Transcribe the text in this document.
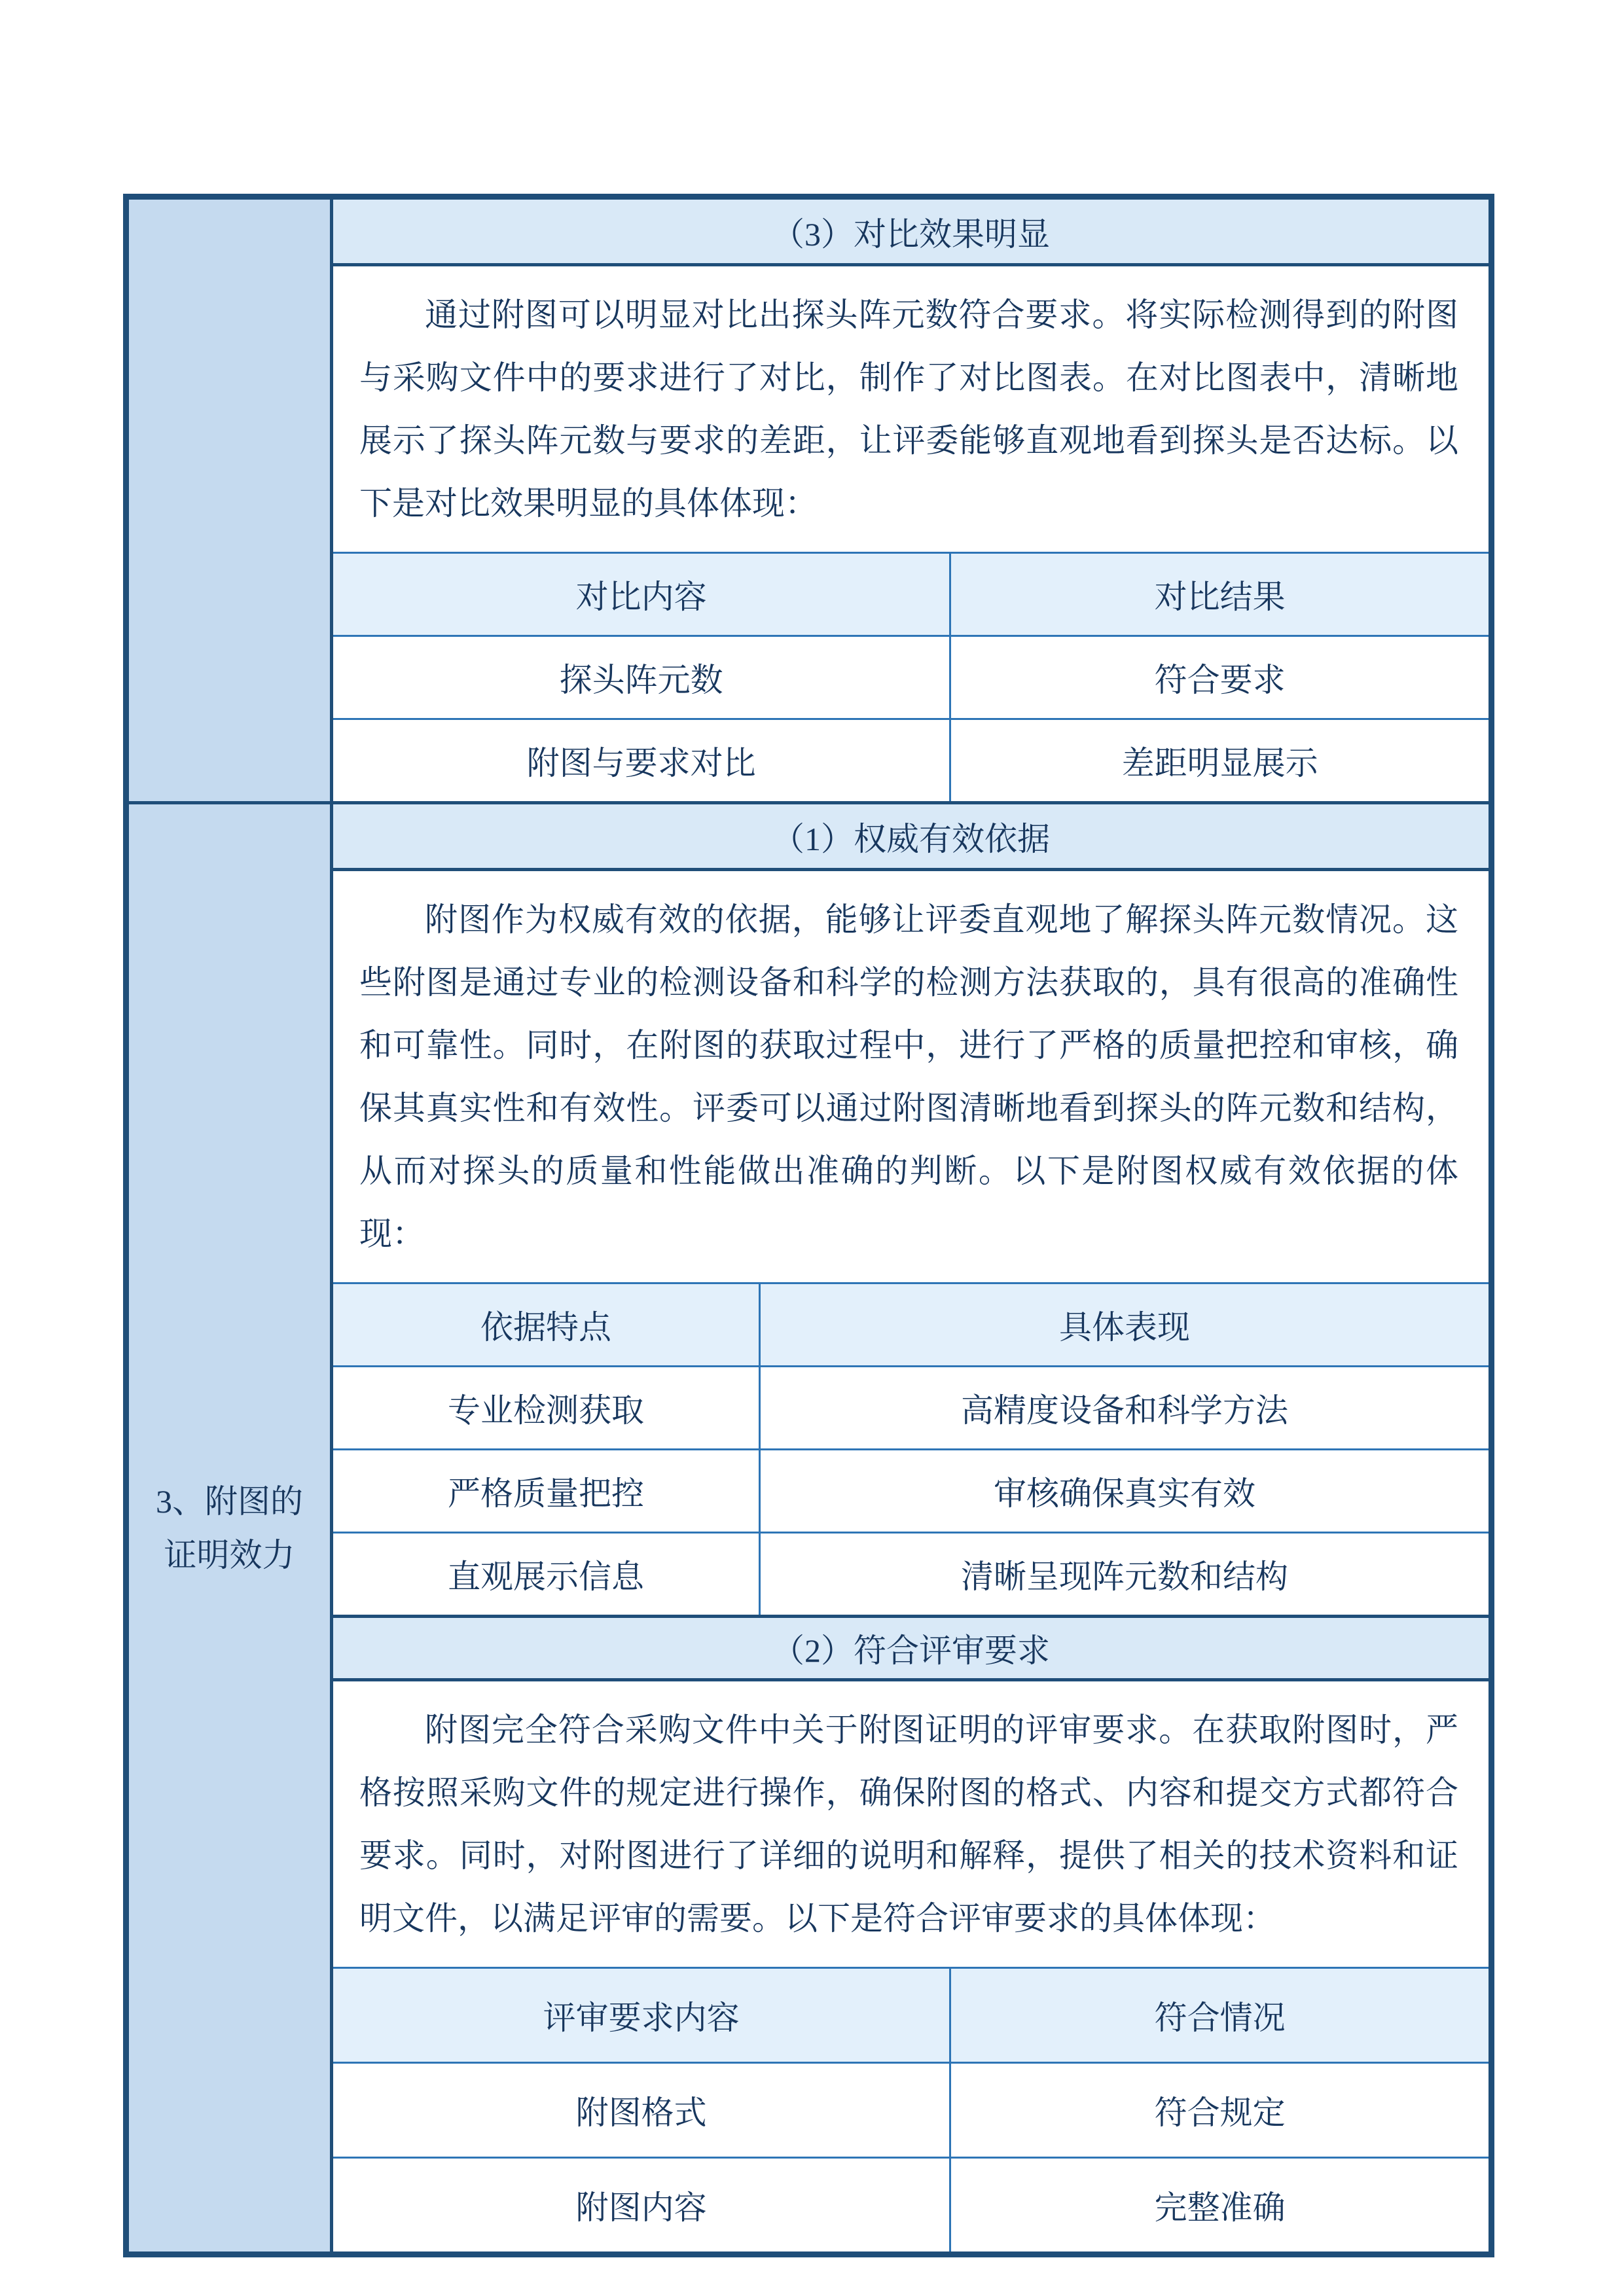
（3）对比效果明显
通过附图可以明显对比出探头阵元数符合要求。将实际检测得到的附图与采购文件中的要求进行了对比，制作了对比图表。在对比图表中，清晰地展示了探头阵元数与要求的差距，让评委能够直观地看到探头是否达标。以下是对比效果明显的具体体现：
对比内容	对比结果
探头阵元数	符合要求
附图与要求对比	差距明显展示
3、附图的
证明效力
（1）权威有效依据
附图作为权威有效的依据，能够让评委直观地了解探头阵元数情况。这些附图是通过专业的检测设备和科学的检测方法获取的，具有很高的准确性和可靠性。同时，在附图的获取过程中，进行了严格的质量把控和审核，确保其真实性和有效性。评委可以通过附图清晰地看到探头的阵元数和结构，从而对探头的质量和性能做出准确的判断。以下是附图权威有效依据的体现：
依据特点	具体表现
专业检测获取	高精度设备和科学方法
严格质量把控	审核确保真实有效
直观展示信息	清晰呈现阵元数和结构
（2）符合评审要求
附图完全符合采购文件中关于附图证明的评审要求。在获取附图时，严格按照采购文件的规定进行操作，确保附图的格式、内容和提交方式都符合要求。同时，对附图进行了详细的说明和解释，提供了相关的技术资料和证明文件，以满足评审的需要。以下是符合评审要求的具体体现：
评审要求内容	符合情况
附图格式	符合规定
附图内容	完整准确
